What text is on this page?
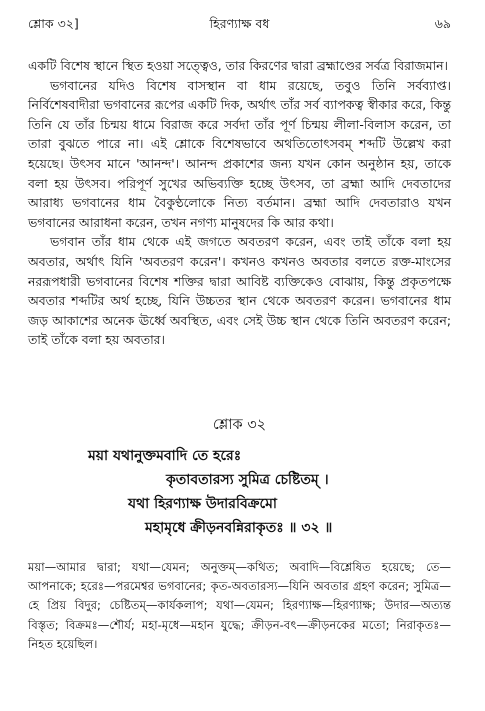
শ্লোক ৩২]	হিরণ্যাক্ষ বধ	৬৯

একটি বিশেষ স্থানে স্থিত হওয়া সত্ত্বেও, তার কিরণের দ্বারা ব্রহ্মাণ্ডের সর্বত্র বিরাজমান।

ভগবানের যদিও বিশেষ বাসস্থান বা ধাম রয়েছে, তবুও তিনি সর্বব্যাপ্ত। নির্বিশেষবাদীরা ভগবানের রূপের একটি দিক, অর্থাৎ তাঁর সর্ব ব্যাপকত্ব স্বীকার করে, কিন্তু তিনি যে তাঁর চিন্ময় ধামে বিরাজ করে সর্বদা তাঁর পূর্ণ চিন্ময় লীলা-বিলাস করেন, তা তারা বুঝতে পারে না। এই শ্লোকে বিশেষভাবে অথতিতোৎসবম্ শব্দটি উল্লেখ করা হয়েছে। উৎসব মানে 'আনন্দ'। আনন্দ প্রকাশের জন্য যখন কোন অনুষ্ঠান হয়, তাকে বলা হয় উৎসব। পরিপূর্ণ সুখের অভিব্যক্তি হচ্ছে উৎসব, তা ব্রহ্মা আদি দেবতাদের আরাধ্য ভগবানের ধাম বৈকুণ্ঠলোকে নিত্য বর্তমান। ব্রহ্মা আদি দেবতারাও যখন ভগবানের আরাধনা করেন, তখন নগণ্য মানুষদের কি আর কথা।

ভগবান তাঁর ধাম থেকে এই জগতে অবতরণ করেন, এবং তাই তাঁকে বলা হয় অবতার, অর্থাৎ যিনি 'অবতরণ করেন'। কখনও কখনও অবতার বলতে রক্ত-মাংসের নররূপধারী ভগবানের বিশেষ শক্তির দ্বারা আবিষ্ট ব্যক্তিকেও বোঝায়, কিন্তু প্রকৃতপক্ষে অবতার শব্দটির অর্থ হচ্ছে, যিনি উচ্চতর স্থান থেকে অবতরণ করেন। ভগবানের ধাম জড় আকাশের অনেক ঊর্ধ্বে অবস্থিত, এবং সেই উচ্চ স্থান থেকে তিনি অবতরণ করেন; তাই তাঁকে বলা হয় অবতার।

শ্লোক ৩২
ময়া যথানুক্তমবাদি তে হরেঃ
কৃতাবতারস্য সুমিত্র চেষ্টিতম্ ।
যথা হিরণ্যাক্ষ উদারবিক্রমো
মহামৃধে ক্রীড়নবন্নিরাকৃতঃ ॥ ৩২ ॥
ময়া—আমার দ্বারা; যথা—যেমন; অনুক্তম্—কথিত; অবাদি—বিশ্লেষিত হয়েছে; তে—আপনাকে; হরেঃ—পরমেশ্বর ভগবানের; কৃত-অবতারস্য—যিনি অবতার গ্রহণ করেন; সুমিত্র—হে প্রিয় বিদুর; চেষ্টিতম্—কার্যকলাপ; যথা—যেমন; হিরণ্যাক্ষ—হিরণ্যাক্ষ; উদার—অত্যন্ত বিস্তৃত; বিক্রমঃ—শৌর্য; মহা-মৃধে—মহান যুদ্ধে; ক্রীড়ন-বৎ—ক্রীড়নকের মতো; নিরাকৃতঃ—নিহত হয়েছিল।
